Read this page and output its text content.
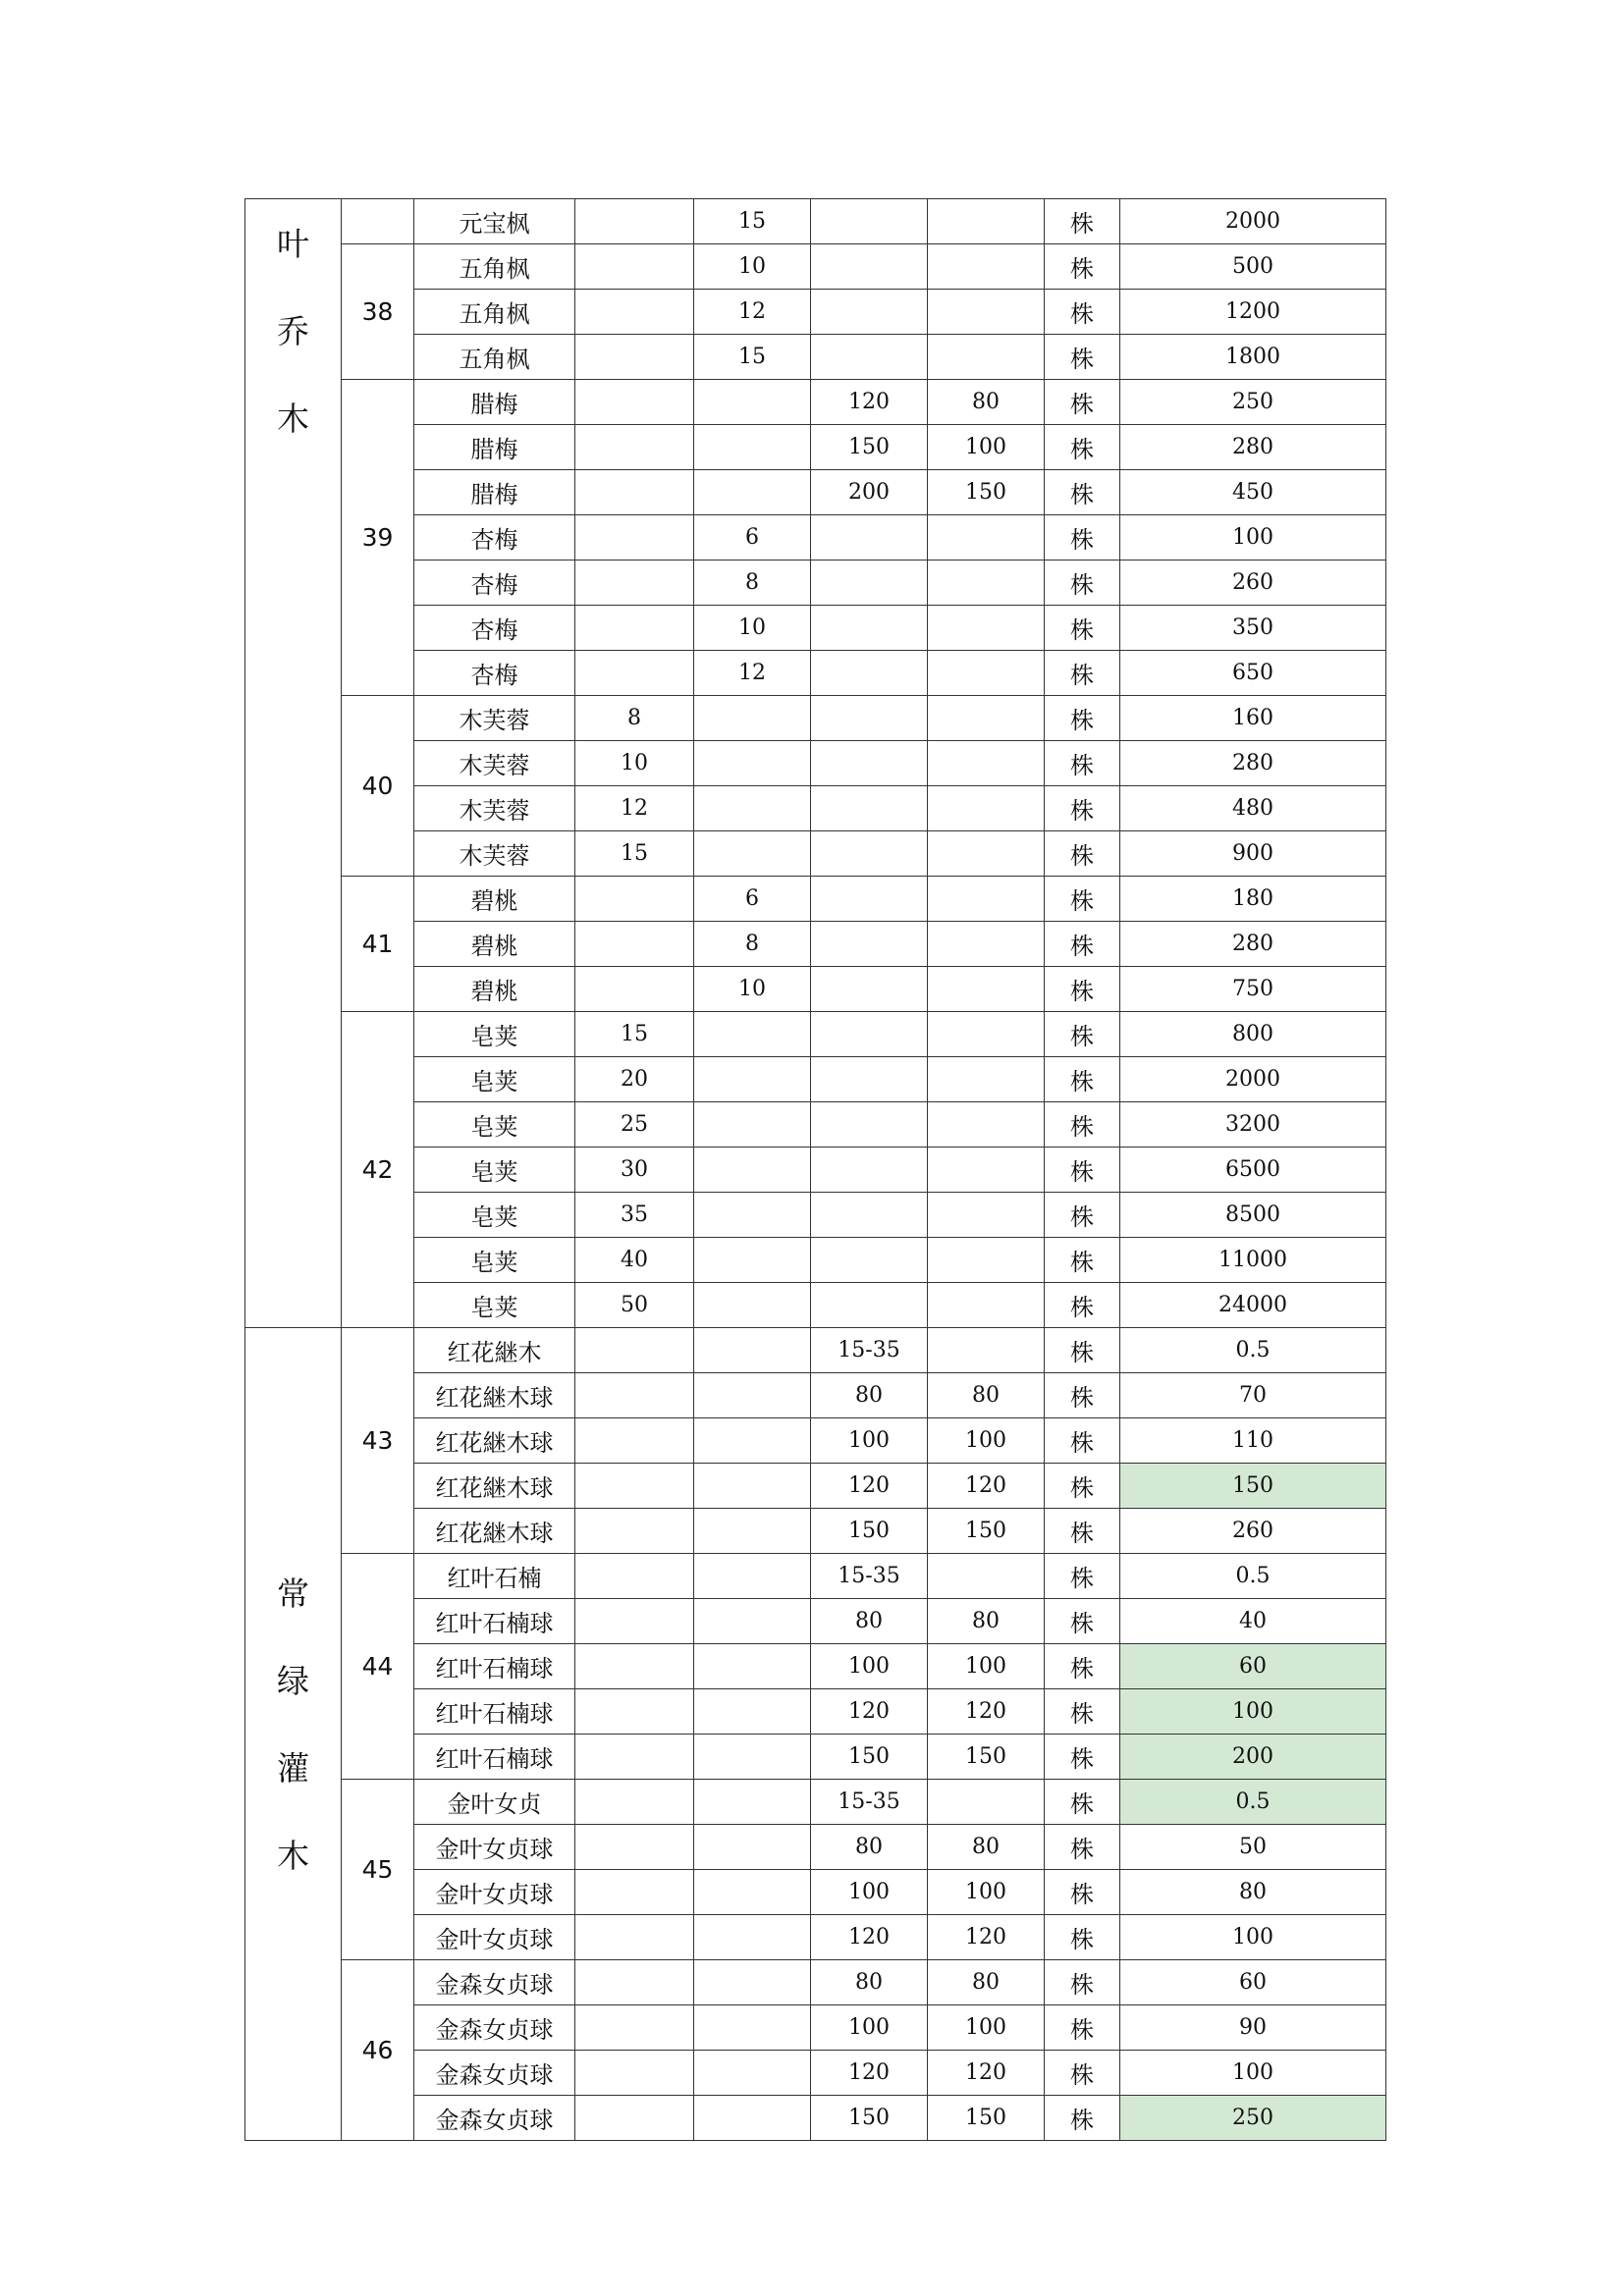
叶
乔
木		元宝枫		15			株	2000
	38	五角枫		10			株	500
		五角枫		12			株	1200
		五角枫		15			株	1800
	39	腊梅			120	80	株	250
		腊梅			150	100	株	280
		腊梅			200	150	株	450
		杏梅		6			株	100
		杏梅		8			株	260
		杏梅		10			株	350
		杏梅		12			株	650
	40	木芙蓉	8				株	160
		木芙蓉	10				株	280
		木芙蓉	12				株	480
		木芙蓉	15				株	900
	41	碧桃		6			株	180
		碧桃		8			株	280
		碧桃		10			株	750
	42	皂荚	15				株	800
		皂荚	20				株	2000
		皂荚	25				株	3200
		皂荚	30				株	6500
		皂荚	35				株	8500
		皂荚	40				株	11000
		皂荚	50				株	24000

常
绿
灌
木	43	红花継木			15-35		株	0.5
		红花継木球			80	80	株	70
		红花継木球			100	100	株	110
		红花継木球			120	120	株	150
		红花継木球			150	150	株	260
	44	红叶石楠			15-35		株	0.5
		红叶石楠球			80	80	株	40
		红叶石楠球			100	100	株	60
		红叶石楠球			120	120	株	100
		红叶石楠球			150	150	株	200
	45	金叶女贞			15-35		株	0.5
		金叶女贞球			80	80	株	50
		金叶女贞球			100	100	株	80
		金叶女贞球			120	120	株	100
	46	金森女贞球			80	80	株	60
		金森女贞球			100	100	株	90
		金森女贞球			120	120	株	100
		金森女贞球			150	150	株	250
